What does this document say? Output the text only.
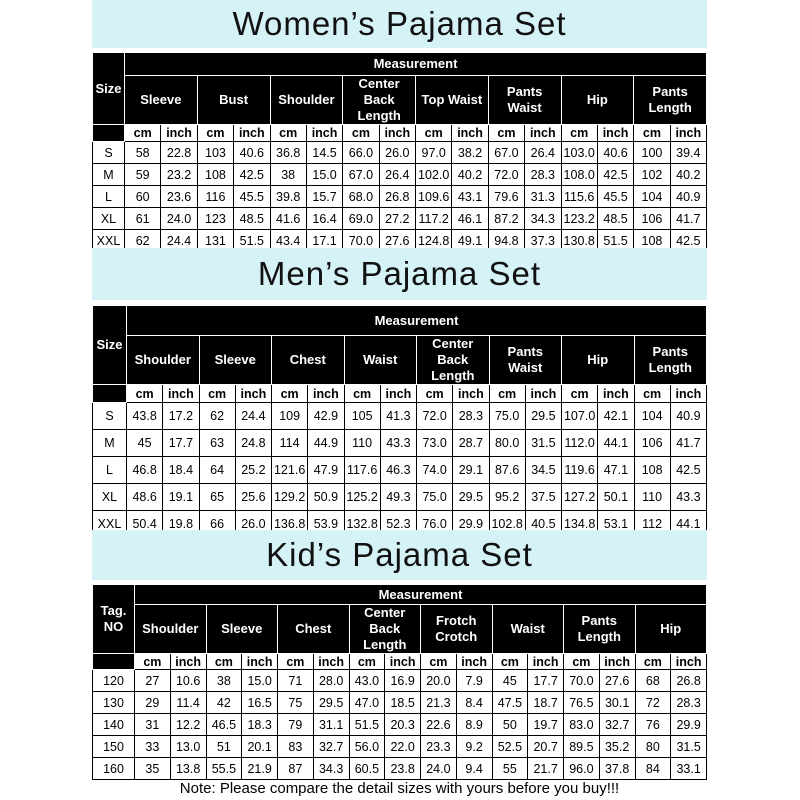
Women’s Pajama Set
Size	Measurement															
	Sleeve		Bust		Shoulder		Center Back Length		Top Waist		Pants Waist		Hip		Pants Length	
	cm	inch	cm	inch	cm	inch	cm	inch	cm	inch	cm	inch	cm	inch	cm	inch
S	58	22.8	103	40.6	36.8	14.5	66.0	26.0	97.0	38.2	67.0	26.4	103.0	40.6	100	39.4
M	59	23.2	108	42.5	38	15.0	67.0	26.4	102.0	40.2	72.0	28.3	108.0	42.5	102	40.2
L	60	23.6	116	45.5	39.8	15.7	68.0	26.8	109.6	43.1	79.6	31.3	115.6	45.5	104	40.9
XL	61	24.0	123	48.5	41.6	16.4	69.0	27.2	117.2	46.1	87.2	34.3	123.2	48.5	106	41.7
XXL	62	24.4	131	51.5	43.4	17.1	70.0	27.6	124.8	49.1	94.8	37.3	130.8	51.5	108	42.5
Men’s Pajama Set
Size	Measurement															
	Shoulder		Sleeve		Chest		Waist		Center Back Length		Pants Waist		Hip		Pants Length	
	cm	inch	cm	inch	cm	inch	cm	inch	cm	inch	cm	inch	cm	inch	cm	inch
S	43.8	17.2	62	24.4	109	42.9	105	41.3	72.0	28.3	75.0	29.5	107.0	42.1	104	40.9
M	45	17.7	63	24.8	114	44.9	110	43.3	73.0	28.7	80.0	31.5	112.0	44.1	106	41.7
L	46.8	18.4	64	25.2	121.6	47.9	117.6	46.3	74.0	29.1	87.6	34.5	119.6	47.1	108	42.5
XL	48.6	19.1	65	25.6	129.2	50.9	125.2	49.3	75.0	29.5	95.2	37.5	127.2	50.1	110	43.3
XXL	50.4	19.8	66	26.0	136.8	53.9	132.8	52.3	76.0	29.9	102.8	40.5	134.8	53.1	112	44.1
Kid’s Pajama Set
Tag. NO	Measurement															
	Shoulder		Sleeve		Chest		Center Back Length		Frotch Crotch		Waist		Pants Length		Hip	
	cm	inch	cm	inch	cm	inch	cm	inch	cm	inch	cm	inch	cm	inch	cm	inch
120	27	10.6	38	15.0	71	28.0	43.0	16.9	20.0	7.9	45	17.7	70.0	27.6	68	26.8
130	29	11.4	42	16.5	75	29.5	47.0	18.5	21.3	8.4	47.5	18.7	76.5	30.1	72	28.3
140	31	12.2	46.5	18.3	79	31.1	51.5	20.3	22.6	8.9	50	19.7	83.0	32.7	76	29.9
150	33	13.0	51	20.1	83	32.7	56.0	22.0	23.3	9.2	52.5	20.7	89.5	35.2	80	31.5
160	35	13.8	55.5	21.9	87	34.3	60.5	23.8	24.0	9.4	55	21.7	96.0	37.8	84	33.1
Note: Please compare the detail sizes with yours before you buy!!!
